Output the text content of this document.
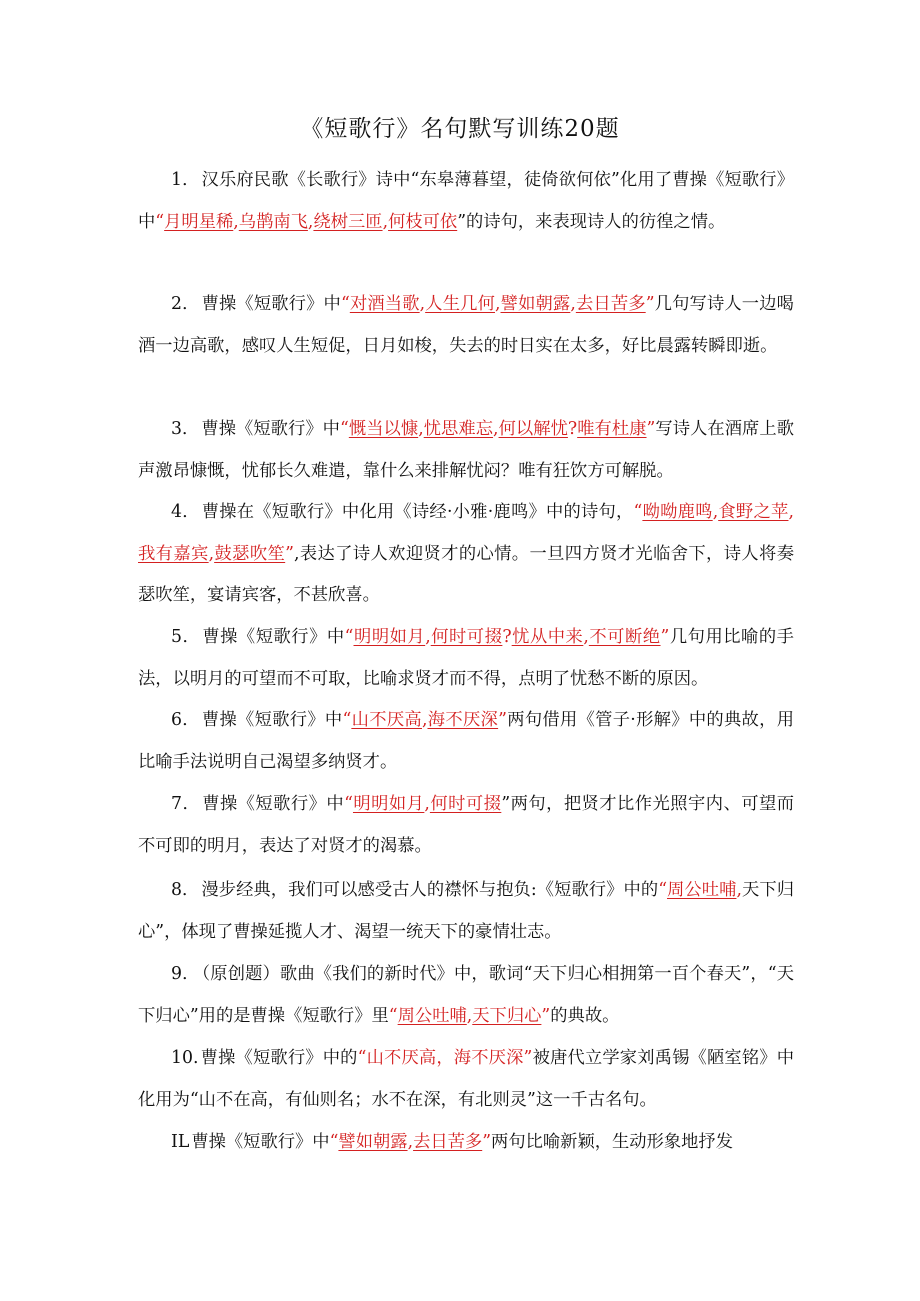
《短歌行》名句默写训练20题
1． 汉乐府民歌《长歌行》诗中“东皋薄暮望，徒倚欲何依”化用了曹操《短歌行》中“月明星稀,乌鹊南飞,绕树三匝,何枝可依”的诗句，来表现诗人的彷徨之情。
2． 曹操《短歌行》中“对酒当歌,人生几何,譬如朝露,去日苦多”几句写诗人一边喝酒一边高歌，感叹人生短促，日月如梭，失去的时日实在太多，好比晨露转瞬即逝。
3． 曹操《短歌行》中“慨当以慷,忧思难忘,何以解忧?唯有杜康”写诗人在酒席上歌声激昂慷慨，忧郁长久难遣，靠什么来排解忧闷？唯有狂饮方可解脱。
4． 曹操在《短歌行》中化用《诗经·小雅·鹿鸣》中的诗句，“呦呦鹿鸣,食野之苹,我有嘉宾,鼓瑟吹笙”,表达了诗人欢迎贤才的心情。一旦四方贤才光临舍下，诗人将奏瑟吹笙，宴请宾客，不甚欣喜。
5． 曹操《短歌行》中“明明如月,何时可掇?忧从中来,不可断绝”几句用比喻的手法，以明月的可望而不可取，比喻求贤才而不得，点明了忧愁不断的原因。
6． 曹操《短歌行》中“山不厌高,海不厌深”两句借用《管子·形解》中的典故，用比喻手法说明自己渴望多纳贤才。
7． 曹操《短歌行》中“明明如月,何时可掇”两句，把贤才比作光照宇内、可望而不可即的明月，表达了对贤才的渴慕。
8． 漫步经典，我们可以感受古人的襟怀与抱负:《短歌行》中的“周公吐哺,天下归心”，体现了曹操延揽人才、渴望一统天下的豪情壮志。
9． （原创题）歌曲《我们的新时代》中，歌词“天下归心相拥第一百个春天”，“天下归心”用的是曹操《短歌行》里“周公吐哺,天下归心”的典故。
10. 曹操《短歌行》中的“山不厌高，海不厌深”被唐代立学家刘禹锡《陋室铭》中化用为“山不在高，有仙则名；水不在深，有北则灵”这一千古名句。
IL 曹操《短歌行》中“譬如朝露,去日苦多”两句比喻新颖，生动形象地抒发
